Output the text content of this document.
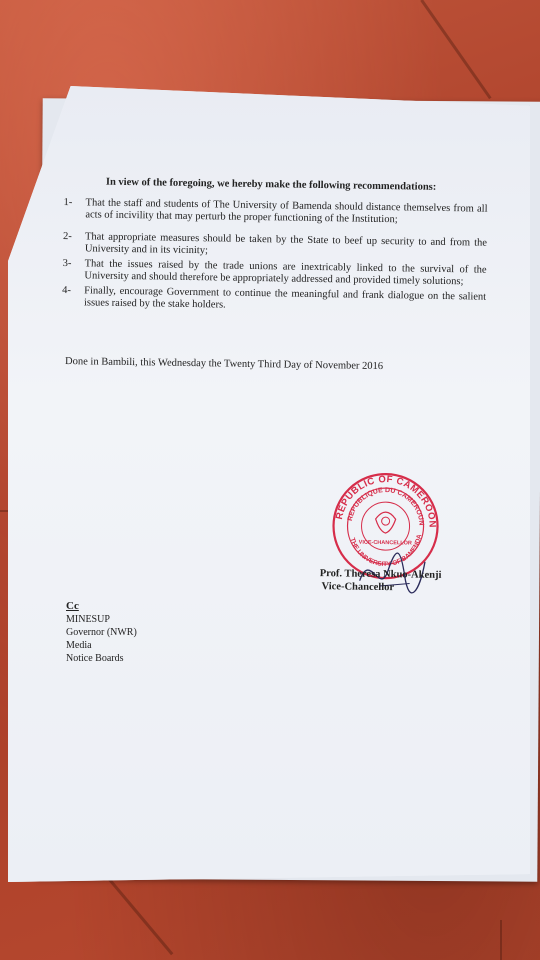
In view of the foregoing, we hereby make the following recommendations:
1-	That the staff and students of The University of Bamenda should distance themselves from all acts of incivility that may perturb the proper functioning of the Institution;
2-	That appropriate measures should be taken by the State to beef up security to and from the University and in its vicinity;
3-	That the issues raised by the trade unions are inextricably linked to the survival of the University and should therefore be appropriately addressed and provided timely solutions;
4-	Finally, encourage Government to continue the meaningful and frank dialogue on the salient issues raised by the stake holders.
Done in Bambili, this Wednesday the Twenty Third Day of November 2016
REPUBLIC OF CAMEROON
REPUBLIQUE DU CAMEROUN
THE UNIVERSITY OF BAMENDA
VICE-CHANCELLOR
Prof. Theresa Nkuo-Akenji
Vice-Chancellor
Cc
MINESUP
Governor (NWR)
Media
Notice Boards
